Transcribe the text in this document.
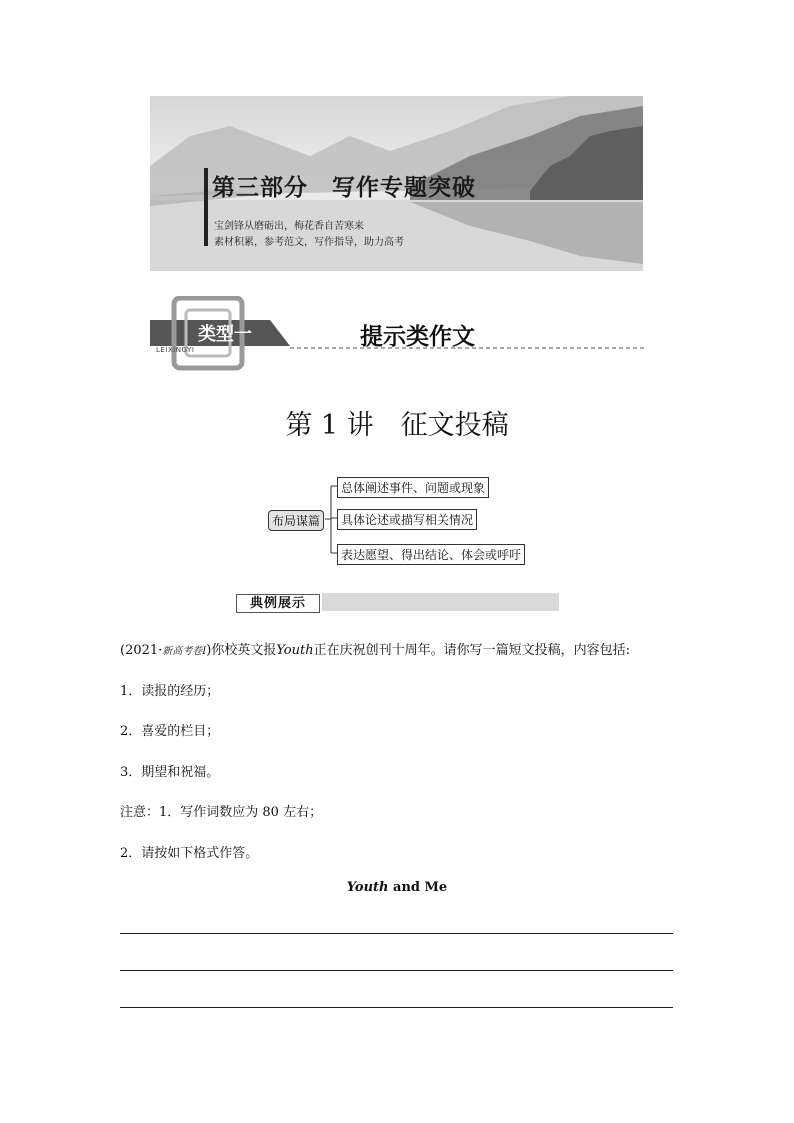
第三部分　写作专题突破
宝剑锋从磨砺出，梅花香自苦寒来
素材积累，参考范文，写作指导，助力高考
类型一
LEIXINGYI	提示类作文
第 1 讲　征文投稿
布局谋篇
总体阐述事件、问题或现象
具体论述或描写相关情况
表达愿望、得出结论、体会或呼吁
典例展示
(2021·新高考卷Ⅰ)你校英文报Youth正在庆祝创刊十周年。请你写一篇短文投稿，内容包括:
1．读报的经历；
2．喜爱的栏目；
3．期望和祝福。
注意：1．写作词数应为 80 左右；
2．请按如下格式作答。
Youth and Me
